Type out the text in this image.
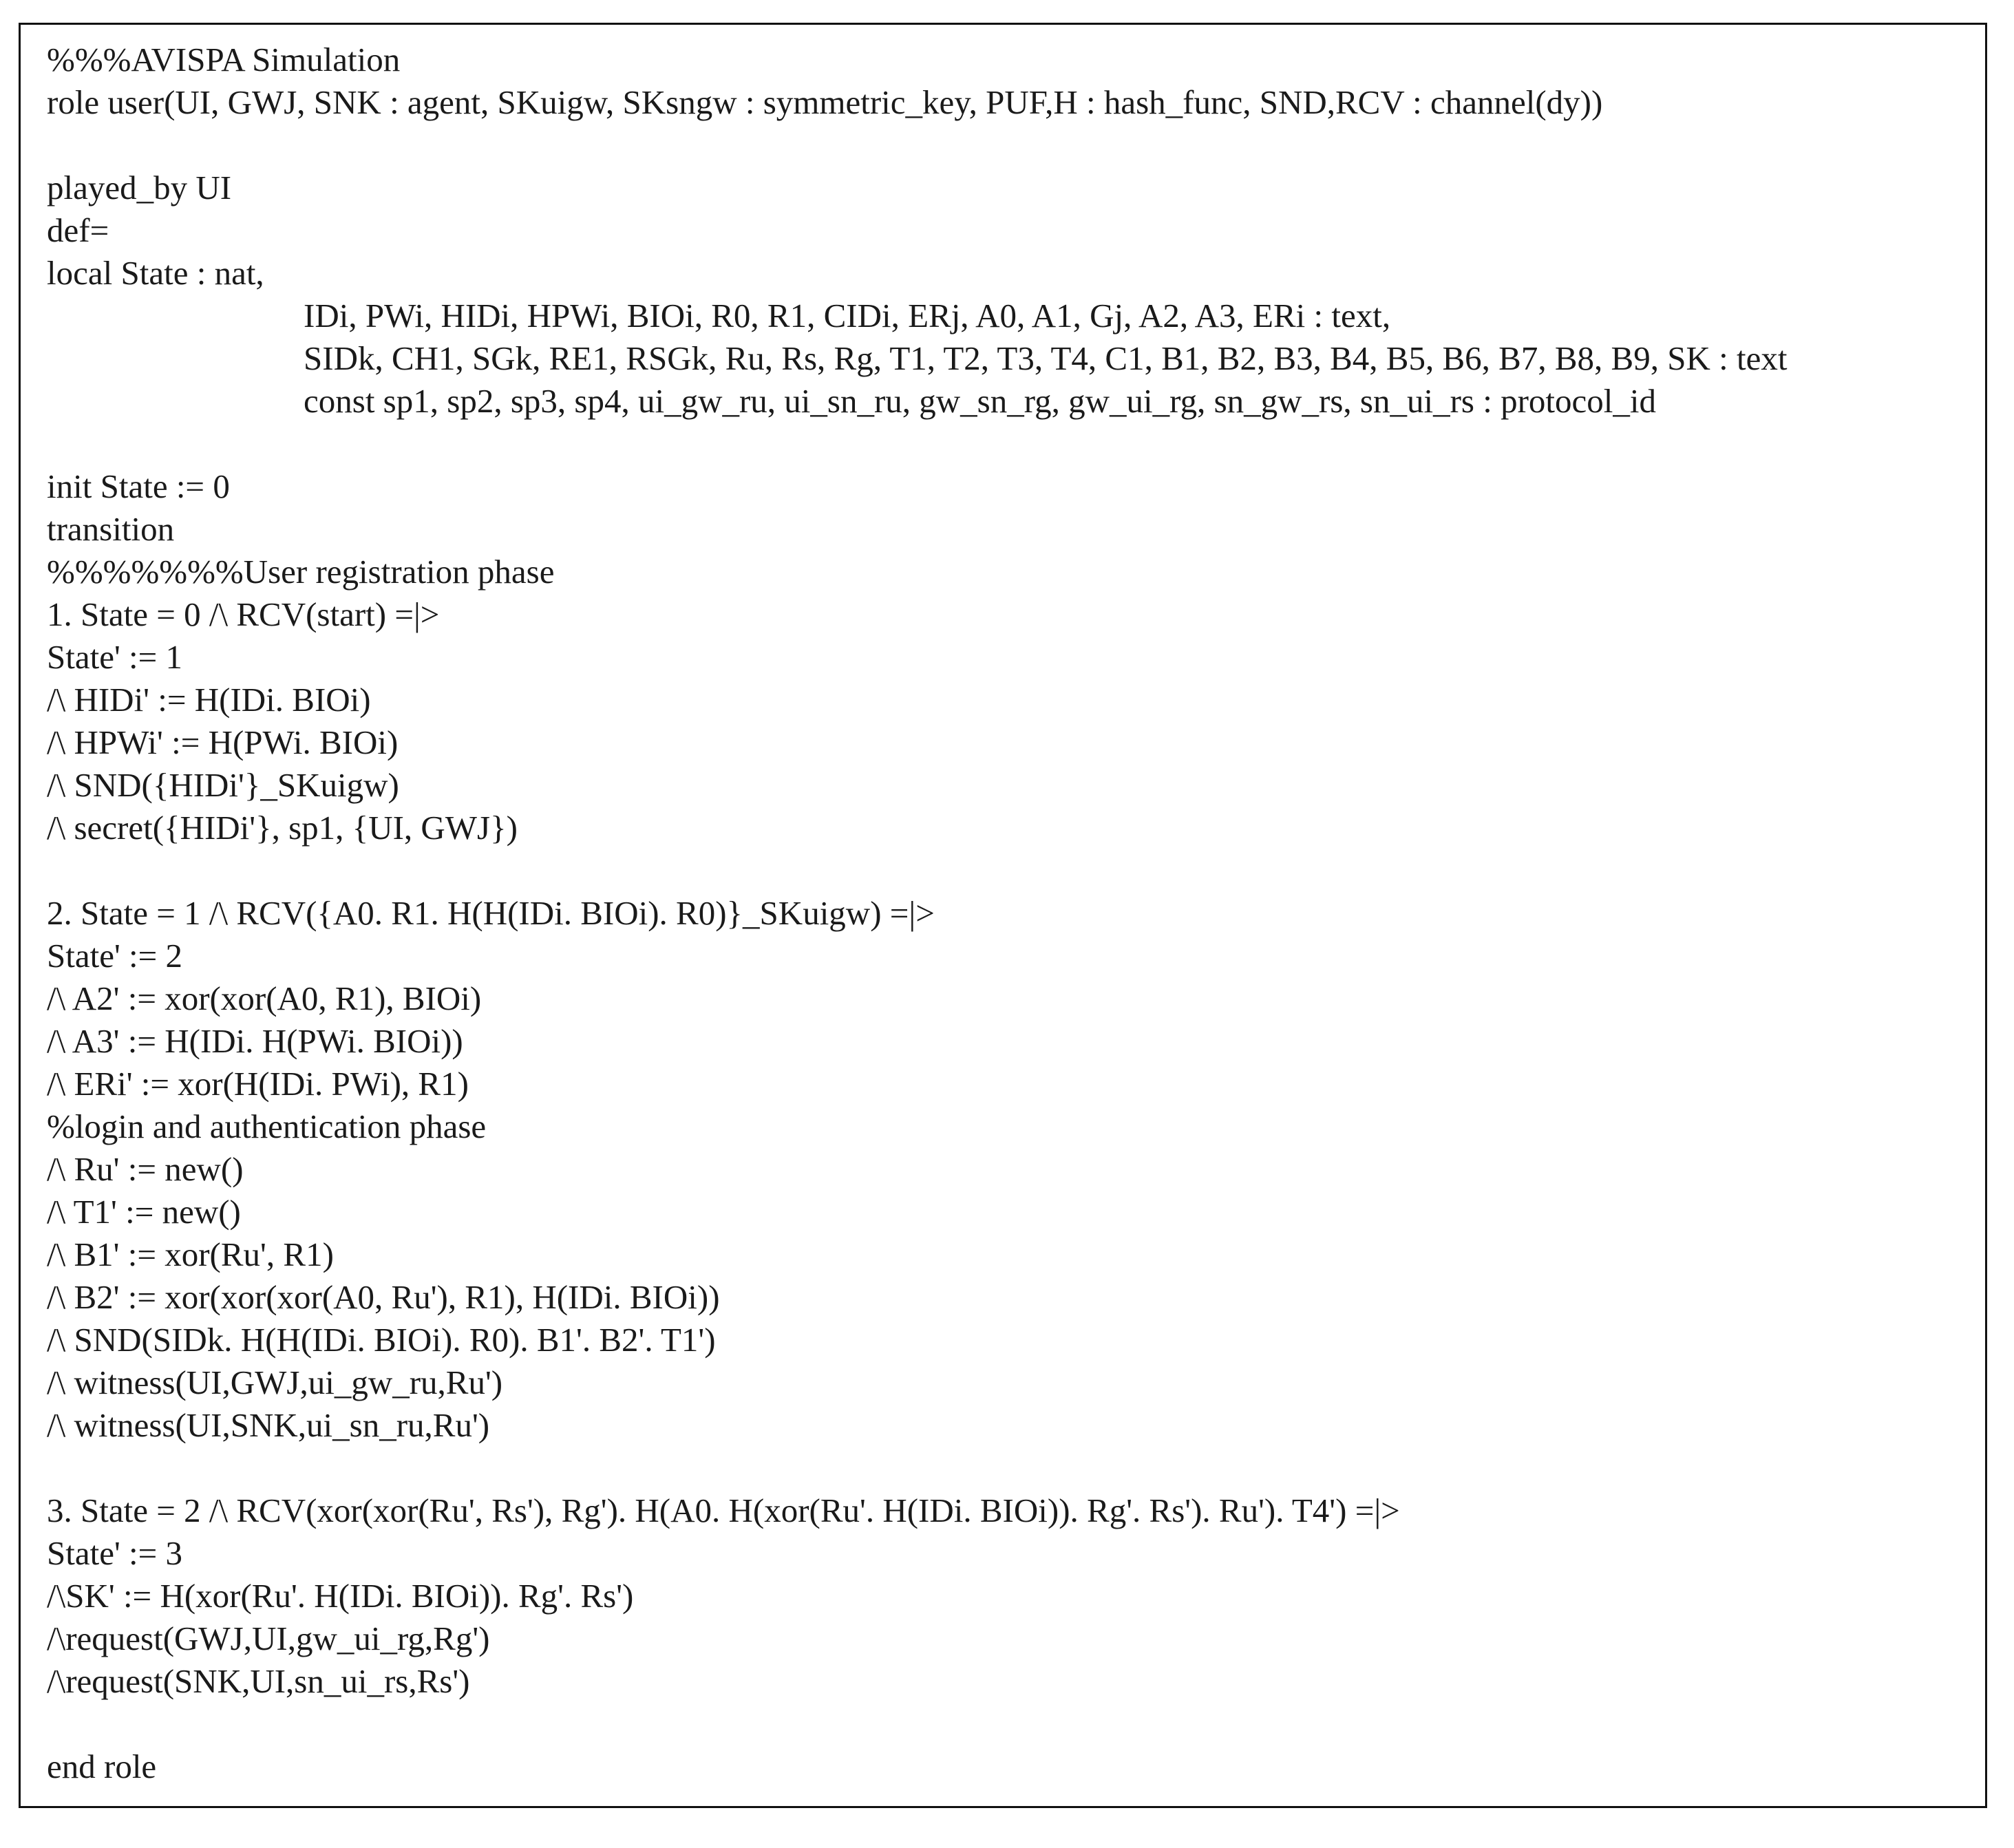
%%%AVISPA Simulation
role user(UI, GWJ, SNK : agent, SKuigw, SKsngw : symmetric_key, PUF,H : hash_func, SND,RCV : channel(dy))
played_by UI
def=
local State : nat,
IDi, PWi, HIDi, HPWi, BIOi, R0, R1, CIDi, ERj, A0, A1, Gj, A2, A3, ERi : text,
SIDk, CH1, SGk, RE1, RSGk, Ru, Rs, Rg, T1, T2, T3, T4, C1, B1, B2, B3, B4, B5, B6, B7, B8, B9, SK : text
const sp1, sp2, sp3, sp4, ui_gw_ru, ui_sn_ru, gw_sn_rg, gw_ui_rg, sn_gw_rs, sn_ui_rs : protocol_id
init State := 0
transition
%%%%%%%User registration phase
1. State = 0 /\ RCV(start) =|>
State' := 1
/\ HIDi' := H(IDi. BIOi)
/\ HPWi' := H(PWi. BIOi)
/\ SND({HIDi'}_SKuigw)
/\ secret({HIDi'}, sp1, {UI, GWJ})
2. State = 1 /\ RCV({A0. R1. H(H(IDi. BIOi). R0)}_SKuigw) =|>
State' := 2
/\ A2' := xor(xor(A0, R1), BIOi)
/\ A3' := H(IDi. H(PWi. BIOi))
/\ ERi' := xor(H(IDi. PWi), R1)
%login and authentication phase
/\ Ru' := new()
/\ T1' := new()
/\ B1' := xor(Ru', R1)
/\ B2' := xor(xor(xor(A0, Ru'), R1), H(IDi. BIOi))
/\ SND(SIDk. H(H(IDi. BIOi). R0). B1'. B2'. T1')
/\ witness(UI,GWJ,ui_gw_ru,Ru')
/\ witness(UI,SNK,ui_sn_ru,Ru')
3. State = 2 /\ RCV(xor(xor(Ru', Rs'), Rg'). H(A0. H(xor(Ru'. H(IDi. BIOi)). Rg'. Rs'). Ru'). T4') =|>
State' := 3
/\SK' := H(xor(Ru'. H(IDi. BIOi)). Rg'. Rs')
/\request(GWJ,UI,gw_ui_rg,Rg')
/\request(SNK,UI,sn_ui_rs,Rs')
end role
